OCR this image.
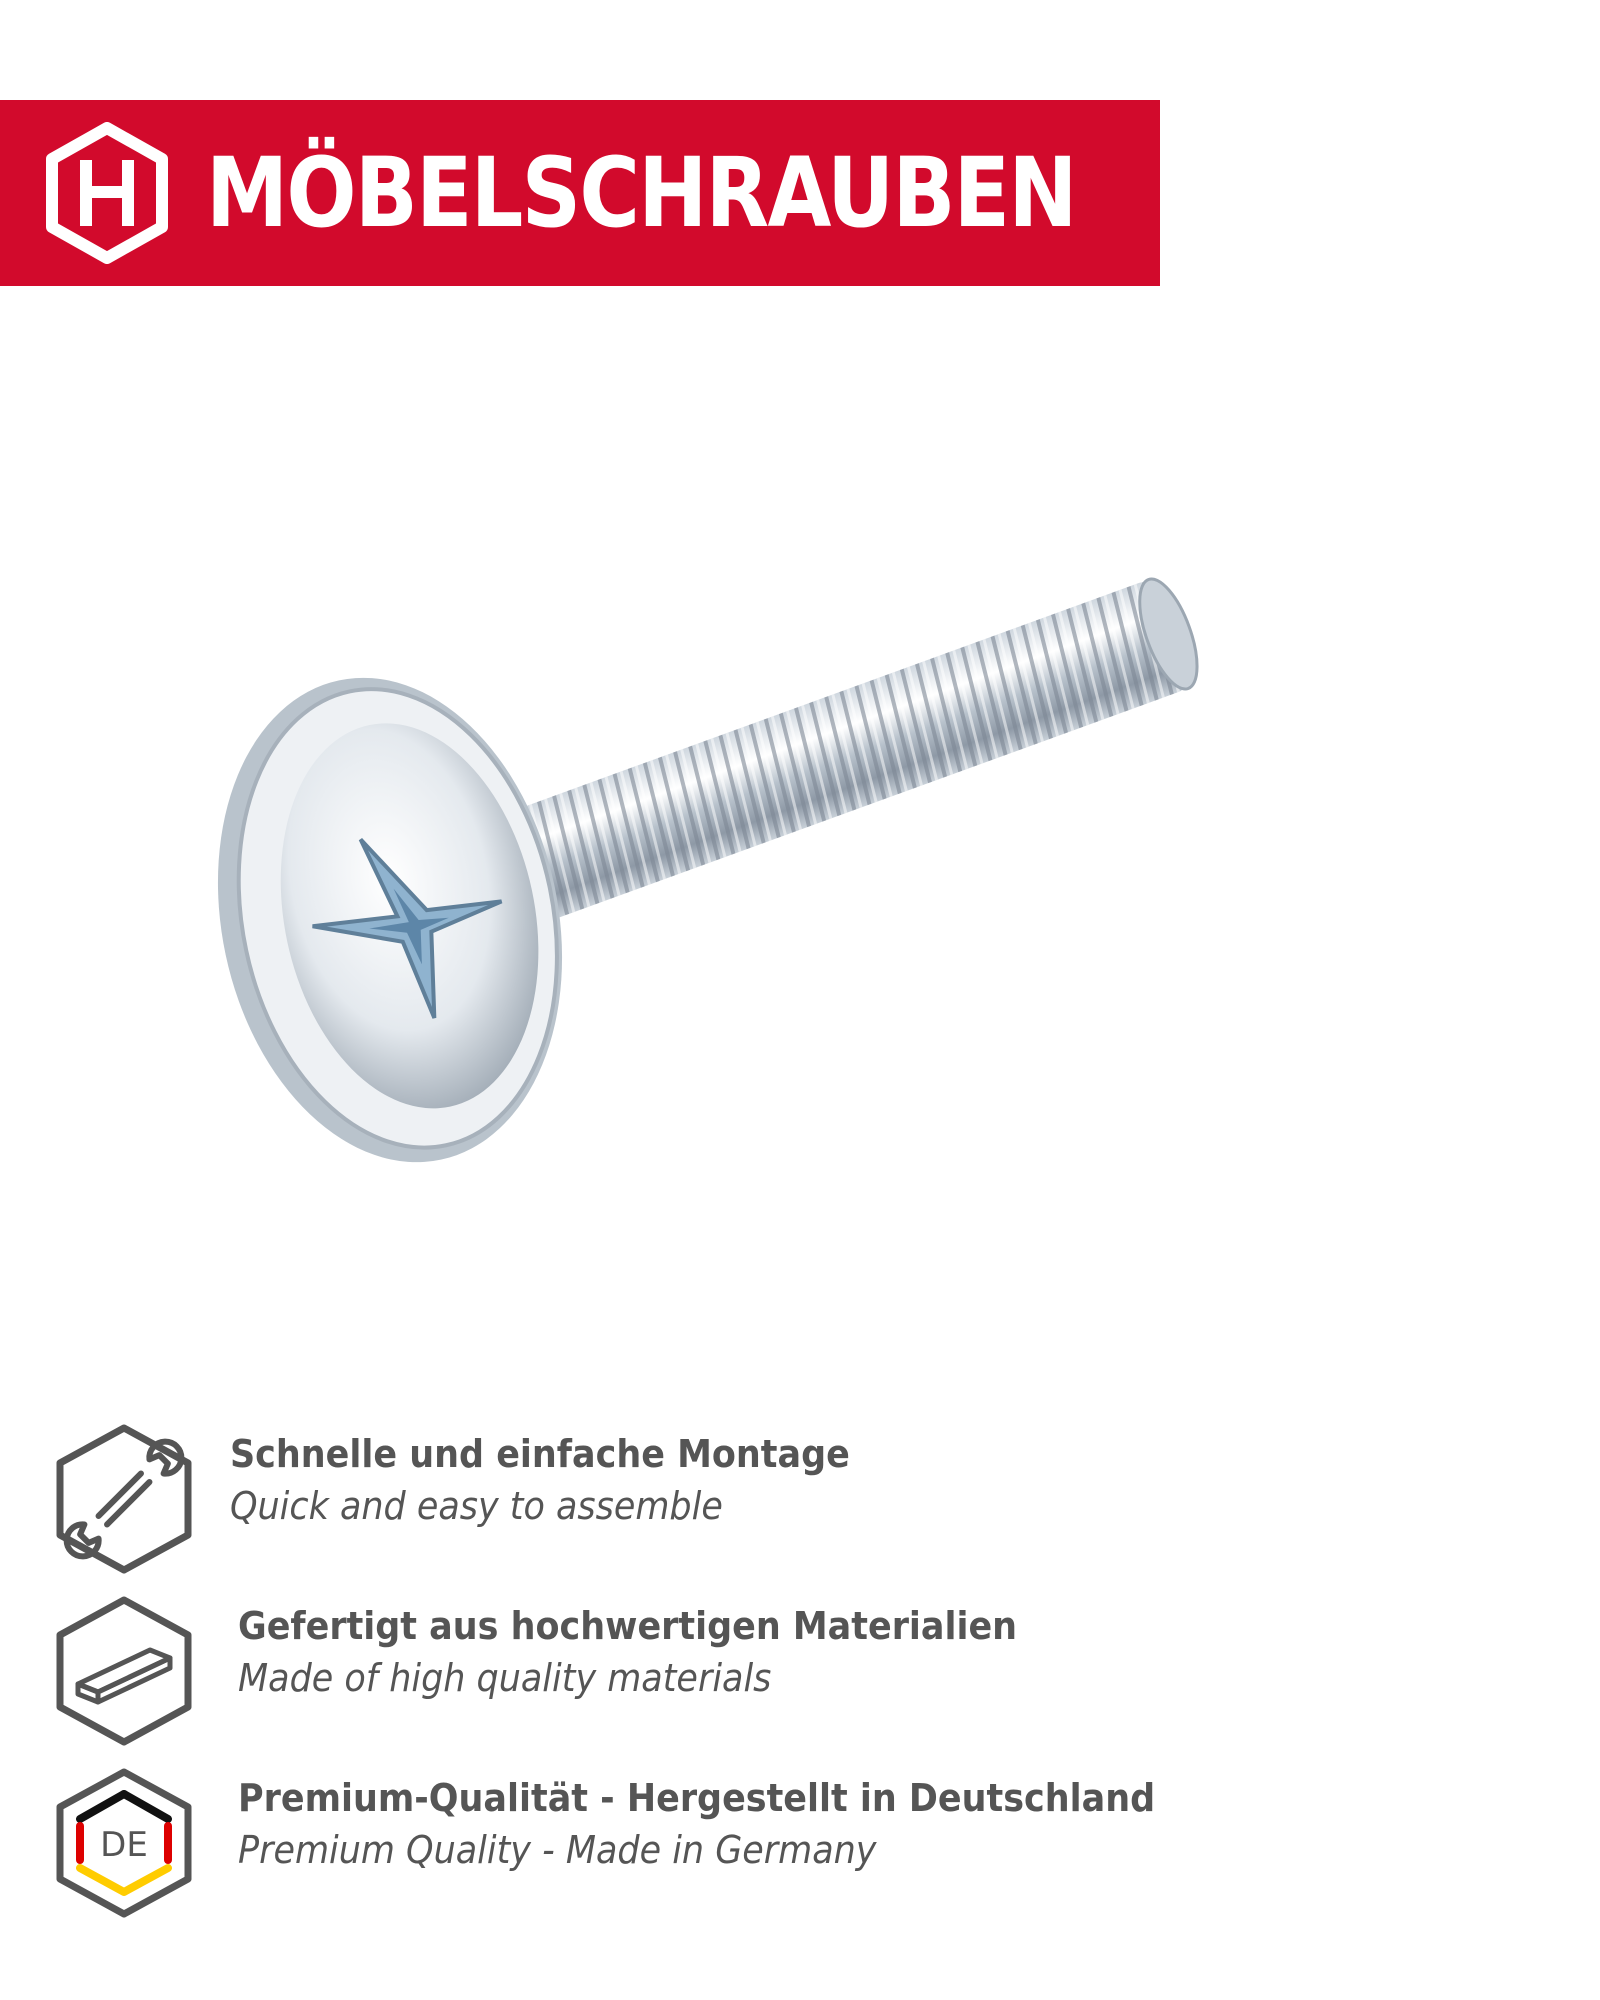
MÖBELSCHRAUBEN
Schnelle und einfache Montage
Quick and easy to assemble
Gefertigt aus hochwertigen Materialien
Made of high quality materials
DE
Premium-Qualität - Hergestellt in Deutschland
Premium Quality - Made in Germany
